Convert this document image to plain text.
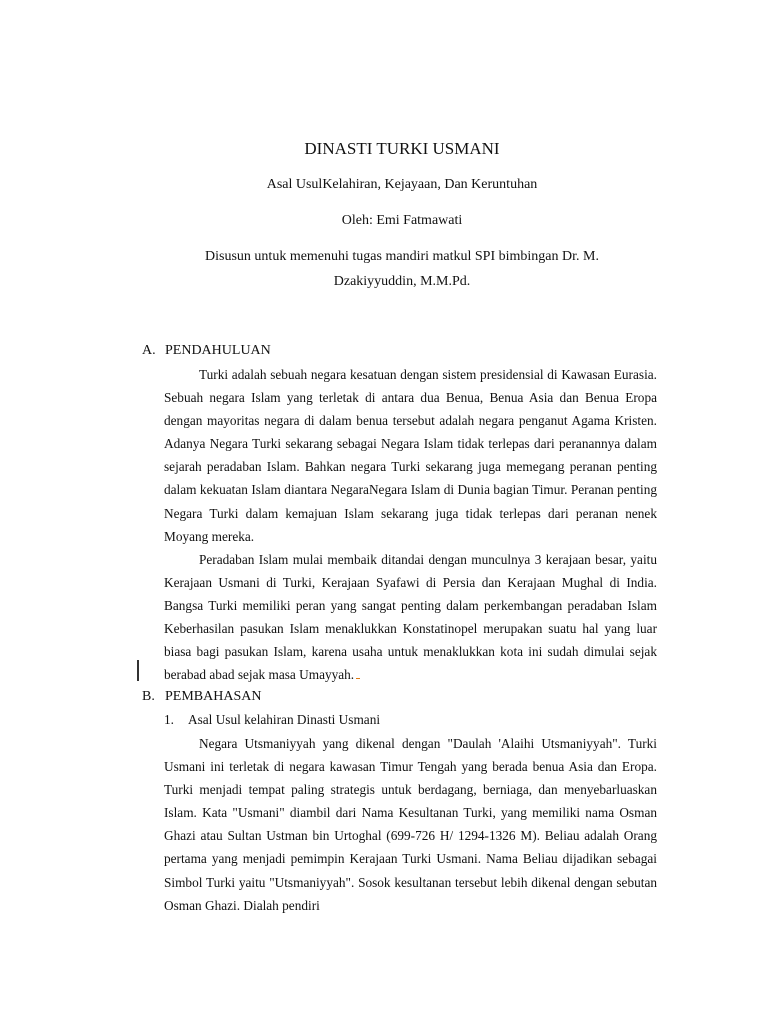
DINASTI TURKI USMANI

Asal UsulKelahiran, Kejayaan, Dan Keruntuhan

Oleh: Emi Fatmawati

Disusun untuk memenuhi tugas mandiri matkul SPI bimbingan Dr. M.
Dzakiyyuddin, M.M.Pd.

A. PENDAHULUAN

Turki adalah sebuah negara kesatuan dengan sistem presidensial di Kawasan Eurasia. Sebuah negara Islam yang terletak di antara dua Benua, Benua Asia dan Benua Eropa dengan mayoritas negara di dalam benua tersebut adalah negara penganut Agama Kristen. Adanya Negara Turki sekarang sebagai Negara Islam tidak terlepas dari peranannya dalam sejarah peradaban Islam. Bahkan negara Turki sekarang juga memegang peranan penting dalam kekuatan Islam diantara NegaraNegara Islam di Dunia bagian Timur. Peranan penting Negara Turki dalam kemajuan Islam sekarang juga tidak terlepas dari peranan nenek Moyang mereka.

Peradaban Islam mulai membaik ditandai dengan munculnya 3 kerajaan besar, yaitu Kerajaan Usmani di Turki, Kerajaan Syafawi di Persia dan Kerajaan Mughal di India. Bangsa Turki memiliki peran yang sangat penting dalam perkembangan peradaban Islam Keberhasilan pasukan Islam menaklukkan Konstatinopel merupakan suatu hal yang luar biasa bagi pasukan Islam, karena usaha untuk menaklukkan kota ini sudah dimulai sejak berabad abad sejak masa Umayyah.

B. PEMBAHASAN
1. Asal Usul kelahiran Dinasti Usmani

Negara Utsmaniyyah yang dikenal dengan "Daulah 'Alaihi Utsmaniyyah". Turki Usmani ini terletak di negara kawasan Timur Tengah yang berada benua Asia dan Eropa. Turki menjadi tempat paling strategis untuk berdagang, berniaga, dan menyebarluaskan Islam. Kata "Usmani" diambil dari Nama Kesultanan Turki, yang memiliki nama Osman Ghazi atau Sultan Ustman bin Urtoghal (699-726 H/ 1294-1326 M). Beliau adalah Orang pertama yang menjadi pemimpin Kerajaan Turki Usmani. Nama Beliau dijadikan sebagai Simbol Turki yaitu "Utsmaniyyah". Sosok kesultanan tersebut lebih dikenal dengan sebutan Osman Ghazi. Dialah pendiri
